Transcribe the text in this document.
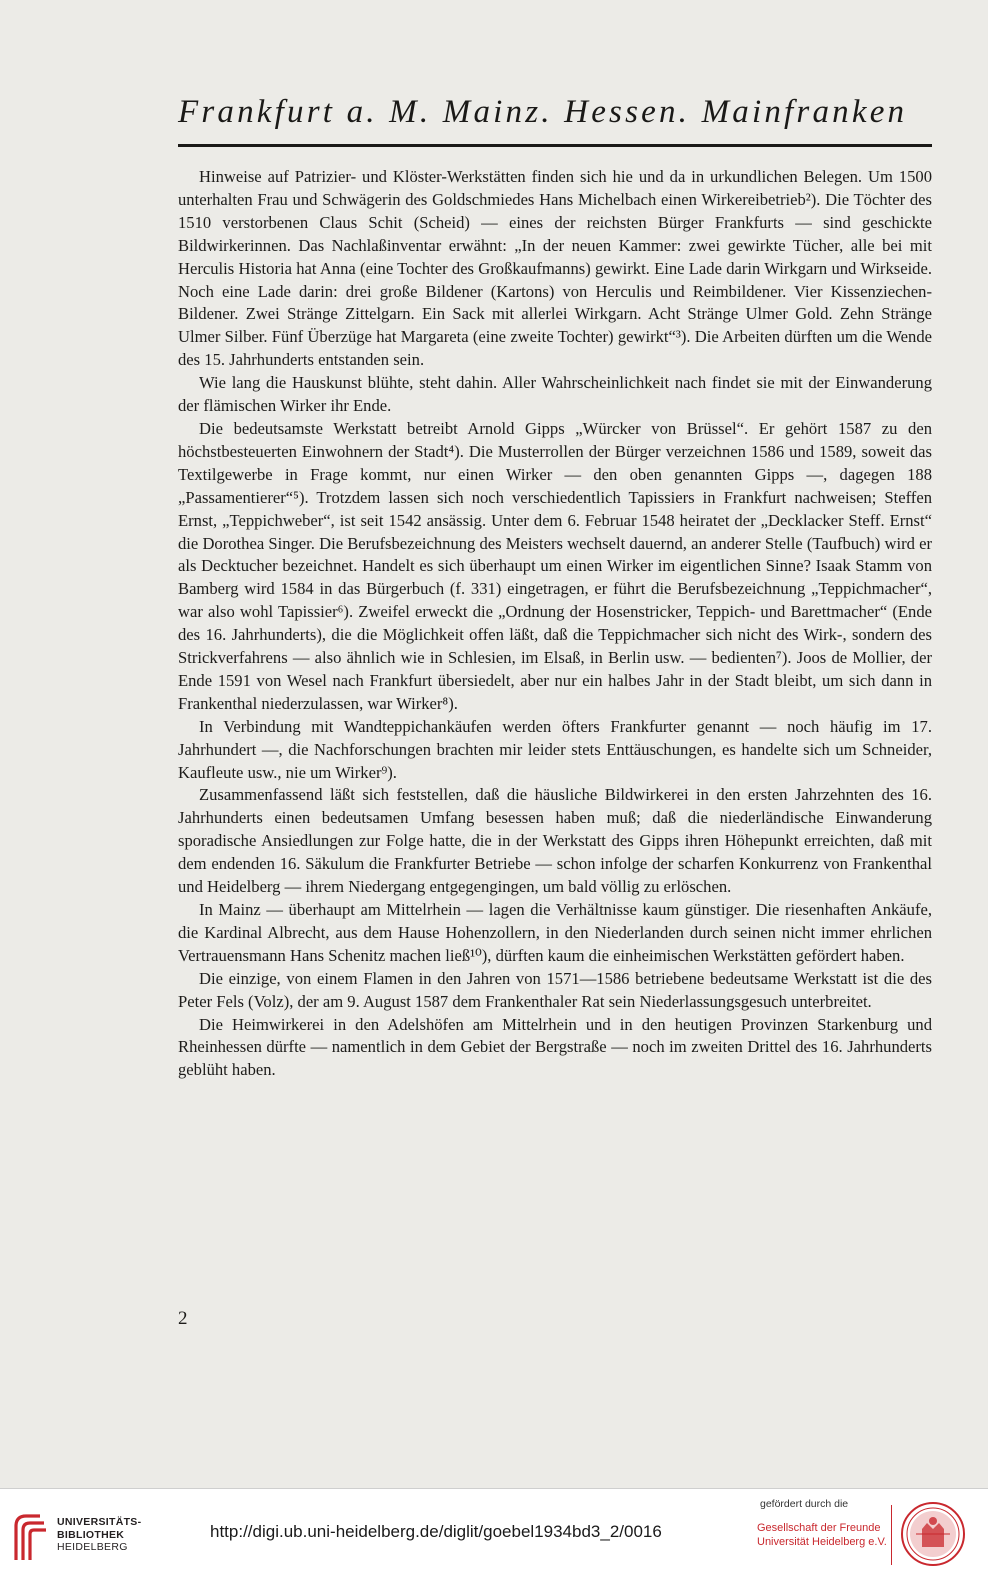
Frankfurt a. M. Mainz. Hessen. Mainfranken

Hinweise auf Patrizier- und Klöster-Werkstätten finden sich hie und da in urkundlichen Belegen. Um 1500 unterhalten Frau und Schwägerin des Goldschmiedes Hans Michelbach einen Wirkereibetrieb²). Die Töchter des 1510 verstorbenen Claus Schit (Scheid) — eines der reichsten Bürger Frankfurts — sind geschickte Bildwirkerinnen. Das Nachlaßinventar erwähnt: „In der neuen Kammer: zwei gewirkte Tücher, alle bei mit Herculis Historia hat Anna (eine Tochter des Großkaufmanns) gewirkt. Eine Lade darin Wirkgarn und Wirkseide. Noch eine Lade darin: drei große Bildener (Kartons) von Herculis und Reimbildener. Vier Kissenziechen-Bildener. Zwei Stränge Zittelgarn. Ein Sack mit allerlei Wirkgarn. Acht Stränge Ulmer Gold. Zehn Stränge Ulmer Silber. Fünf Überzüge hat Margareta (eine zweite Tochter) gewirkt“³). Die Arbeiten dürften um die Wende des 15. Jahrhunderts entstanden sein.

Wie lang die Hauskunst blühte, steht dahin. Aller Wahrscheinlichkeit nach findet sie mit der Einwanderung der flämischen Wirker ihr Ende.

Die bedeutsamste Werkstatt betreibt Arnold Gipps „Würcker von Brüssel“. Er gehört 1587 zu den höchstbesteuerten Einwohnern der Stadt⁴). Die Musterrollen der Bürger verzeichnen 1586 und 1589, soweit das Textilgewerbe in Frage kommt, nur einen Wirker — den oben genannten Gipps —, dagegen 188 „Passamentierer“⁵). Trotzdem lassen sich noch verschiedentlich Tapissiers in Frankfurt nachweisen; Steffen Ernst, „Teppichweber“, ist seit 1542 ansässig. Unter dem 6. Februar 1548 heiratet der „Decklacker Steff. Ernst“ die Dorothea Singer. Die Berufsbezeichnung des Meisters wechselt dauernd, an anderer Stelle (Taufbuch) wird er als Decktucher bezeichnet. Handelt es sich überhaupt um einen Wirker im eigentlichen Sinne? Isaak Stamm von Bamberg wird 1584 in das Bürgerbuch (f. 331) eingetragen, er führt die Berufsbezeichnung „Teppichmacher“, war also wohl Tapissier⁶). Zweifel erweckt die „Ordnung der Hosenstricker, Teppich- und Barettmacher“ (Ende des 16. Jahrhunderts), die die Möglichkeit offen läßt, daß die Teppichmacher sich nicht des Wirk-, sondern des Strickverfahrens — also ähnlich wie in Schlesien, im Elsaß, in Berlin usw. — bedienten⁷). Joos de Mollier, der Ende 1591 von Wesel nach Frankfurt übersiedelt, aber nur ein halbes Jahr in der Stadt bleibt, um sich dann in Frankenthal niederzulassen, war Wirker⁸).

In Verbindung mit Wandteppichankäufen werden öfters Frankfurter genannt — noch häufig im 17. Jahrhundert —, die Nachforschungen brachten mir leider stets Enttäuschungen, es handelte sich um Schneider, Kaufleute usw., nie um Wirker⁹).

Zusammenfassend läßt sich feststellen, daß die häusliche Bildwirkerei in den ersten Jahrzehnten des 16. Jahrhunderts einen bedeutsamen Umfang besessen haben muß; daß die niederländische Einwanderung sporadische Ansiedlungen zur Folge hatte, die in der Werkstatt des Gipps ihren Höhepunkt erreichten, daß mit dem endenden 16. Säkulum die Frankfurter Betriebe — schon infolge der scharfen Konkurrenz von Frankenthal und Heidelberg — ihrem Niedergang entgegengingen, um bald völlig zu erlöschen.

In Mainz — überhaupt am Mittelrhein — lagen die Verhältnisse kaum günstiger. Die riesenhaften Ankäufe, die Kardinal Albrecht, aus dem Hause Hohenzollern, in den Niederlanden durch seinen nicht immer ehrlichen Vertrauensmann Hans Schenitz machen ließ¹⁰), dürften kaum die einheimischen Werkstätten gefördert haben.

Die einzige, von einem Flamen in den Jahren von 1571—1586 betriebene bedeutsame Werkstatt ist die des Peter Fels (Volz), der am 9. August 1587 dem Frankenthaler Rat sein Niederlassungsgesuch unterbreitet.

Die Heimwirkerei in den Adelshöfen am Mittelrhein und in den heutigen Provinzen Starkenburg und Rheinhessen dürfte — namentlich in dem Gebiet der Bergstraße — noch im zweiten Drittel des 16. Jahrhunderts geblüht haben.

2
UNIVERSITÄTS-
BIBLIOTHEK
HEIDELBERG
http://digi.ub.uni-heidelberg.de/diglit/goebel1934bd3_2/0016
gefördert durch die
Gesellschaft der Freunde
Universität Heidelberg e.V.
